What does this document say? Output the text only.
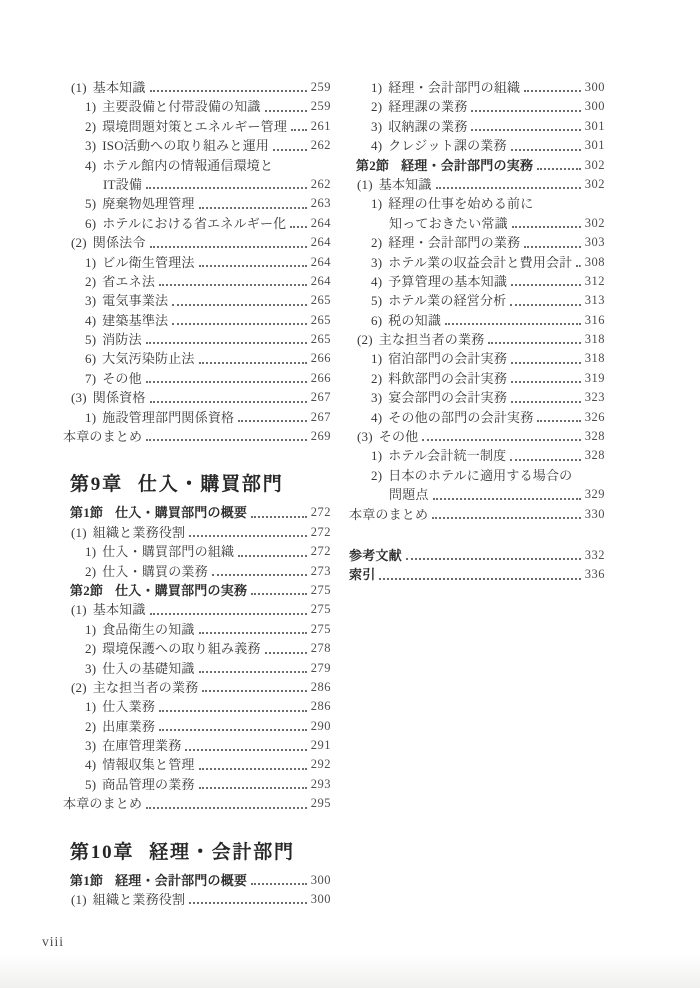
(1) 基本知識	259
1) 主要設備と付帯設備の知識	259
2) 環境問題対策とエネルギー管理 261
3) ISO活動への取り組みと運用	262
4) ホテル館内の情報通信環境と
IT設備	262
5) 廃棄物処理管理	263
6) ホテルにおける省エネルギー化 264
(2) 関係法令	264
1) ビル衛生管理法	264
2) 省エネ法	264
3) 電気事業法	265
4) 建築基準法	265
5) 消防法	265
6) 大気汚染防止法	266
7) その他	266
(3) 関係資格	267
1) 施設管理部門関係資格	267
本章のまとめ	269
第9章 仕入・購買部門
第1節 仕入・購買部門の概要	272
(1) 組織と業務役割	272
1) 仕入・購買部門の組織	272
2) 仕入・購買の業務	273
第2節 仕入・購買部門の実務	275
(1) 基本知識	275
1) 食品衛生の知識	275
2) 環境保護への取り組み義務	278
3) 仕入の基礎知識	279
(2) 主な担当者の業務	286
1) 仕入業務	286
2) 出庫業務	290
3) 在庫管理業務	291
4) 情報収集と管理	292
5) 商品管理の業務	293
本章のまとめ	295
第10章 経理・会計部門
第1節 経理・会計部門の概要	300
(1) 組織と業務役割	300
1) 経理・会計部門の組織	300
2) 経理課の業務	300
3) 収納課の業務	301
4) クレジット課の業務	301
第2節 経理・会計部門の実務	302
(1) 基本知識	302
1) 経理の仕事を始める前に
知っておきたい常識	302
2) 経理・会計部門の業務	303
3) ホテル業の収益会計と費用会計 308
4) 予算管理の基本知識	312
5) ホテル業の経営分析	313
6) 税の知識	316
(2) 主な担当者の業務	318
1) 宿泊部門の会計実務	318
2) 料飲部門の会計実務	319
3) 宴会部門の会計実務	323
4) その他の部門の会計実務	326
(3) その他	328
1) ホテル会計統一制度	328
2) 日本のホテルに適用する場合の
問題点	329
本章のまとめ	330
参考文献	332
索引	336
viii
